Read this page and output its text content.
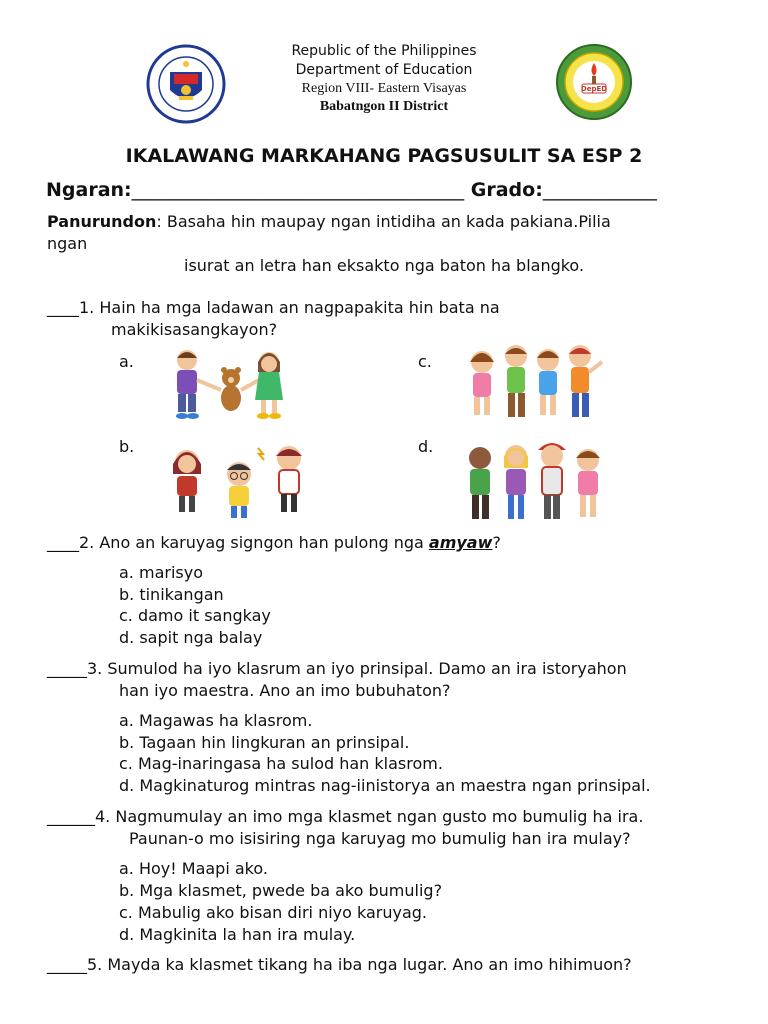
Republic of the Philippines
Department of Education
Region VIII- Eastern Visayas
Babatngon II District
DepED
IKALAWANG MARKAHANG PAGSUSULIT SA ESP 2
Ngaran:___________________________________ Grado:____________
Panurundon: Basaha hin maupay ngan intidiha an kada pakiana.Pilia
ngan
isurat an letra han eksakto nga baton ha blangko.
____1. Hain ha mga ladawan an nagpapakita hin bata na
makikisasangkayon?
a.	c.
b.	d.
____2. Ano an karuyag signgon han pulong nga amyaw?
a. marisyo
b. tinikangan
c. damo it sangkay
d. sapit nga balay
_____3. Sumulod ha iyo klasrum an iyo prinsipal. Damo an ira istoryahon
han iyo maestra. Ano an imo bubuhaton?
a. Magawas ha klasrom.
b. Tagaan hin lingkuran an prinsipal.
c. Mag-inaringasa ha sulod han klasrom.
d. Magkinaturog mintras nag-iinistorya an maestra ngan prinsipal.
______4. Nagmumulay an imo mga klasmet ngan gusto mo bumulig ha ira.
Paunan-o mo isisiring nga karuyag mo bumulig han ira mulay?
a. Hoy! Maapi ako.
b. Mga klasmet, pwede ba ako bumulig?
c. Mabulig ako bisan diri niyo karuyag.
d. Magkinita la han ira mulay.
_____5. Mayda ka klasmet tikang ha iba nga lugar. Ano an imo hihimuon?
